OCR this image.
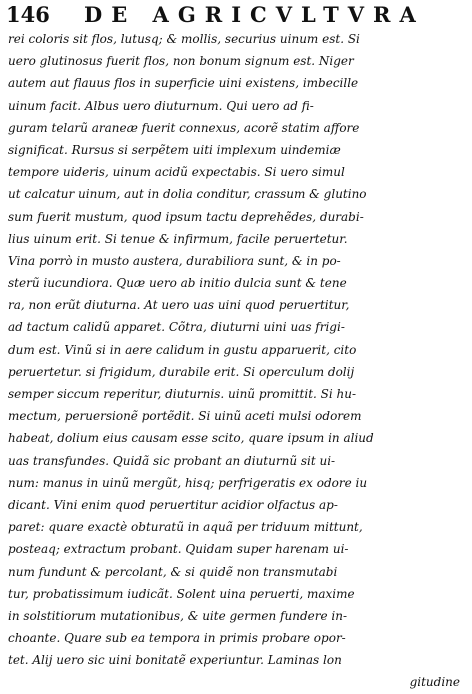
146 DE AGRICVLTVRA
rei coloris sit flos, lutusq; & mollis, securius uinum est. Si
uero glutinosus fuerit flos, non bonum signum est. Niger
autem aut flauus flos in superficie uini existens, imbecille
uinum facit. Albus uero diuturnum. Qui uero ad fi-
guram telarũ araneæ fuerit connexus, acorẽ statim affore
significat. Rursus si serpẽtem uiti implexum uindemiæ
tempore uideris, uinum acidũ expectabis. Si uero simul
ut calcatur uinum, aut in dolia conditur, crassum & glutino
sum fuerit mustum, quod ipsum tactu deprehẽdes, durabi-
lius uinum erit. Si tenue & infirmum, facile peruertetur.
Vina porrò in musto austera, durabiliora sunt, & in po-
sterũ iucundiora. Quæ uero ab initio dulcia sunt & tene
ra, non erũt diuturna. At uero uas uini quod peruertitur,
ad tactum calidũ apparet. Cõtra, diuturni uini uas frigi-
dum est. Vinũ si in aere calidum in gustu apparuerit, cito
peruertetur. si frigidum, durabile erit. Si operculum dolij
semper siccum reperitur, diuturnis. uinũ promittit. Si hu-
mectum, peruersionẽ portẽdit. Si uinũ aceti mulsi odorem
habeat, dolium eius causam esse scito, quare ipsum in aliud
uas transfundes. Quidã sic probant an diuturnũ sit ui-
num: manus in uinũ mergũt, hisq; perfrigeratis ex odore iu
dicant. Vini enim quod peruertitur acidior olfactus ap-
paret: quare exactè obturatũ in aquã per triduum mittunt,
posteaq; extractum probant. Quidam super harenam ui-
num fundunt & percolant, & si quidẽ non transmutabi
tur, probatissimum iudicãt. Solent uina peruerti, maxime
in solstitiorum mutationibus, & uite germen fundere in-
choante. Quare sub ea tempora in primis probare opor-
tet. Alij uero sic uini bonitatẽ experiuntur. Laminas lon
gitudine
